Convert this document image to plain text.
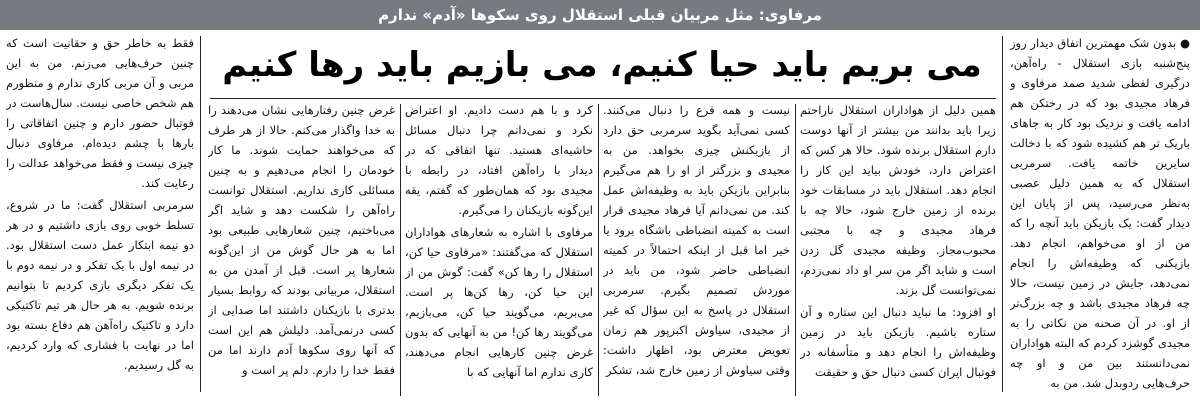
مرفاوی: مثل مربیان قبلی استقلال روی سکوها «آدم» ندارم

● بدون شک مهمترین اتفاق دیدار روز پنج‌شنبه بازی استقلال - راه‌آهن، درگیری لفظی شدید صمد مرفاوی و فرهاد مجیدی بود که در رختکن هم ادامه یافت و نزدیک بود کار به جاهای باریک تر هم کشیده شود که با دخالت سایرین خاتمه یافت. سرمربی استقلال که به همین دلیل عصبی به‌نظر می‌رسید، پس از پایان این دیدار گفت: یک بازیکن باید آنچه را که من از او می‌خواهم، انجام دهد. بازیکنی که وظیفه‌اش را انجام نمی‌دهد، جایش در زمین نیست، حالا چه فرهاد مجیدی باشد و چه بزرگ‌تر از او. در آن صحنه من نکاتی را به مجیدی گوشزد کردم که البته هواداران نمی‌دانستند بین من و او چه حرف‌هایی ردوبدل شد. من به

می بریم باید حیا کنیم، می بازیم باید رها کنیم

همین دلیل از هواداران استقلال ناراحتم زیرا باید بدانند من بیشتر از آنها دوست دارم استقلال برنده شود. حالا هر کس که اعتراض دارد، خودش بیاید این کار را انجام دهد. استقلال باید در مسابقات خود برنده از زمین خارج شود، حالا چه با فرهاد مجیدی و چه با مجتبی محبوب‌مجاز. وظیفه مجیدی گل زدن است و شاید اگر من سر او داد نمی‌زدم، نمی‌توانست گل بزند.

او افزود: ما نباید دنبال این ستاره و آن ستاره باشیم. بازیکن باید در زمین وظیفه‌اش را انجام دهد و متأسفانه در فوتبال ایران کسی دنبال حق و حقیقت

نیست و همه فرع را دنبال می‌کنند. کسی نمی‌آید بگوید سرمربی حق دارد از بازیکنش چیزی بخواهد. من به مجیدی و بزرگتر از او را هم می‌گیرم بنابراین بازیکن باید به وظیفه‌اش عمل کند. من نمی‌دانم آیا فرهاد مجیدی قرار است به کمیته انضباطی باشگاه برود یا خیر اما قبل از اینکه احتمالاً در کمیته انضباطی حاضر شود، من باید در موردش تصمیم بگیرم. سرمربی استقلال در پاسخ به این سؤال که غیر از مجیدی، سیاوش اکبرپور هم زمان تعویض معترض بود، اظهار داشت: وقتی سیاوش از زمین خارج شد، تشکر

کرد و با هم دست دادیم. او اعتراض نکرد و نمی‌دانم چرا دنبال مسائل حاشیه‌ای هستید. تنها اتفاقی که در دیدار با راه‌آهن افتاد، در رابطه با مجیدی بود که همان‌طور که گفتم، یقه این‌گونه بازیکنان را می‌گیرم.

مرفاوی با اشاره به شعارهای هواداران استقلال که می‌گفتند: «مرفاوی حیا کن، استقلال را رها کن» گفت: گوش من از این حیا کن، رها کن‌ها پر است. می‌بریم، می‌گویند حیا کن، می‌بازیم، می‌گویند رها کن! من به آنهایی که بدون غرض چنین کارهایی انجام می‌دهند، کاری ندارم اما آنهایی که با

غرض چنین رفتارهایی نشان می‌دهند را به خدا واگذار می‌کنم. حالا از هر طرف که می‌خواهند حمایت شوند. ما کار خودمان را انجام می‌دهیم و به چنین مسائلی کاری نداریم. استقلال توانست راه‌آهن را شکست دهد و شاید اگر می‌باختیم، چنین شعارهایی طبیعی بود اما به هر حال گوش من از این‌گونه شعارها پر است. قبل از آمدن من به استقلال، مربیانی بودند که روابط بسیار بدتری با بازیکنان داشتند اما صدایی از کسی درنمی‌آمد. دلیلش هم این است که آنها روی سکوها آدم دارند اما من فقط خدا را دارم. دلم پر است و

فقط به خاطر حق و حقانیت است که چنین حرف‌هایی می‌زنم. من به این مربی و آن مربی کاری ندارم و منظورم هم شخص خاصی نیست. سال‌هاست در فوتبال حضور دارم و چنین اتفاقاتی را بارها با چشم دیده‌ام. مرفاوی دنبال چیزی نیست و فقط می‌خواهد عدالت را رعایت کند.

سرمربی استقلال گفت: ما در شروع، تسلط خوبی روی بازی داشتیم و در هر دو نیمه ابتکار عمل دست استقلال بود. در نیمه اول با یک تفکر و در نیمه دوم با یک تفکر دیگری بازی کردیم تا بتوانیم برنده شویم. به هر حال هر تیم تاکتیکی دارد و تاکتیک راه‌آهن هم دفاع بسته بود اما در نهایت با فشاری که وارد کردیم، به گل رسیدیم.
